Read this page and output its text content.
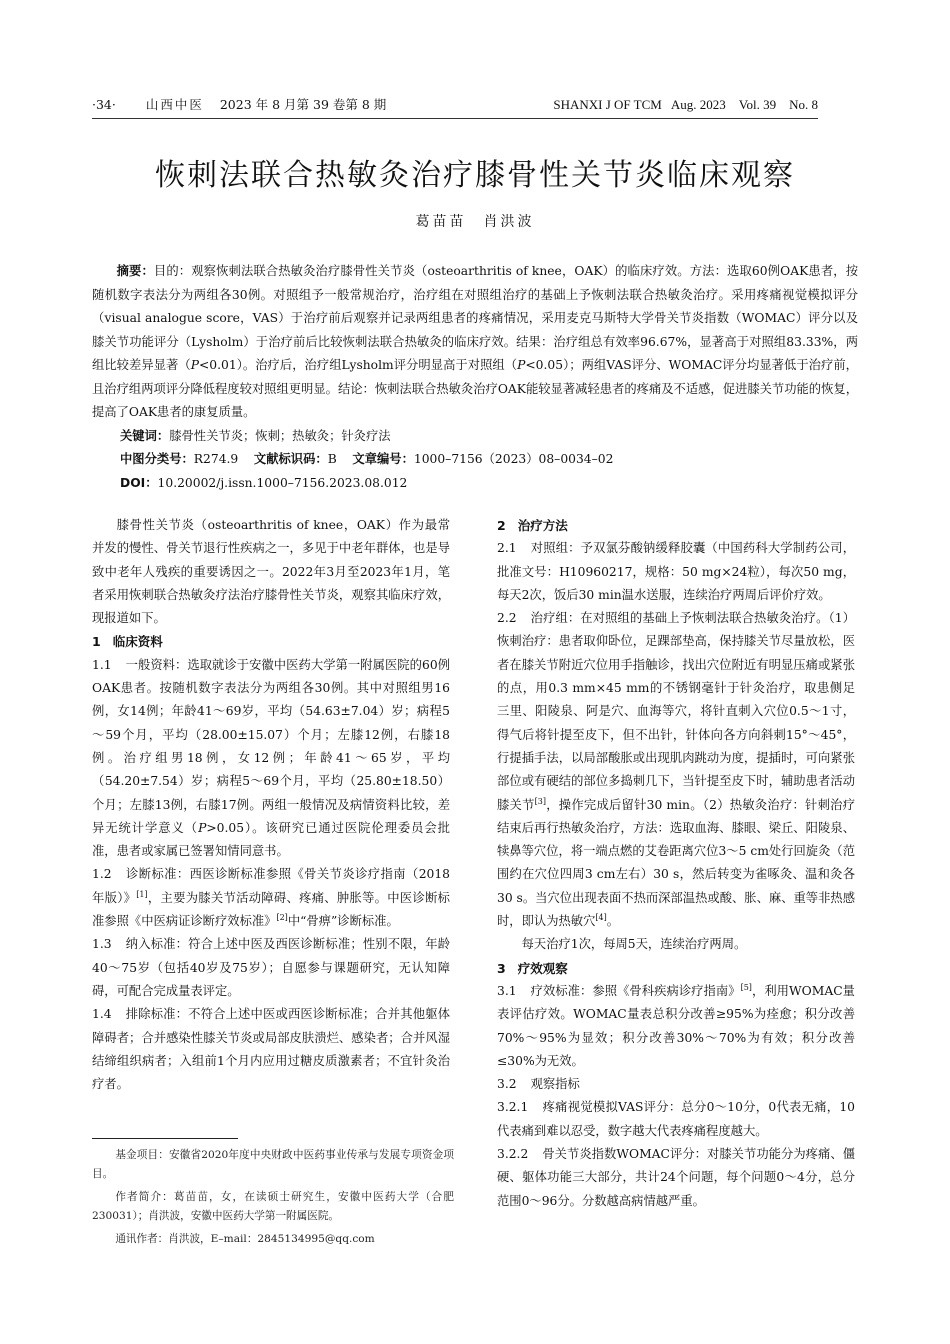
·34· 山西中医 2023 年 8 月第 39 卷第 8 期	SHANXI J OF TCM Aug. 2023　Vol. 39　No. 8
恢刺法联合热敏灸治疗膝骨性关节炎临床观察
葛苗苗　肖洪波

摘要：目的：观察恢刺法联合热敏灸治疗膝骨性关节炎（osteoarthritis of knee，OAK）的临床疗效。方法：选取60例OAK患者，按随机数字表法分为两组各30例。对照组予一般常规治疗，治疗组在对照组治疗的基础上予恢刺法联合热敏灸治疗。采用疼痛视觉模拟评分（visual analogue score，VAS）于治疗前后观察并记录两组患者的疼痛情况，采用麦克马斯特大学骨关节炎指数（WOMAC）评分以及膝关节功能评分（Lysholm）于治疗前后比较恢刺法联合热敏灸的临床疗效。结果：治疗组总有效率96.67%，显著高于对照组83.33%，两组比较差异显著（P<0.01）。治疗后，治疗组Lysholm评分明显高于对照组（P<0.05）；两组VAS评分、WOMAC评分均显著低于治疗前，且治疗组两项评分降低程度较对照组更明显。结论：恢刺法联合热敏灸治疗OAK能较显著减轻患者的疼痛及不适感，促进膝关节功能的恢复，提高了OAK患者的康复质量。

关键词：膝骨性关节炎；恢刺；热敏灸；针灸疗法

中图分类号：R274.9 文献标识码：B 文章编号：1000–7156（2023）08–0034–02

DOI：10.20002/j.issn.1000–7156.2023.08.012

膝骨性关节炎（osteoarthritis of knee，OAK）作为最常并发的慢性、骨关节退行性疾病之一，多见于中老年群体，也是导致中老年人残疾的重要诱因之一。2022年3月至2023年1月，笔者采用恢刺联合热敏灸疗法治疗膝骨性关节炎，观察其临床疗效，现报道如下。

1 临床资料

1.1 一般资料：选取就诊于安徽中医药大学第一附属医院的60例OAK患者。按随机数字表法分为两组各30例。其中对照组男16例，女14例；年龄41～69岁，平均（54.63±7.04）岁；病程5～59个月，平均（28.00±15.07）个月；左膝12例，右膝18例。治疗组男18例，女12例；年龄41～65岁，平均（54.20±7.54）岁；病程5～69个月，平均（25.80±18.50）个月；左膝13例，右膝17例。两组一般情况及病情资料比较，差异无统计学意义（P>0.05）。该研究已通过医院伦理委员会批准，患者或家属已签署知情同意书。

1.2 诊断标准：西医诊断标准参照《骨关节炎诊疗指南（2018年版）》[1]，主要为膝关节活动障碍、疼痛、肿胀等。中医诊断标准参照《中医病证诊断疗效标准》[2]中“骨痹”诊断标准。

1.3 纳入标准：符合上述中医及西医诊断标准；性别不限，年龄40～75岁（包括40岁及75岁）；自愿参与课题研究，无认知障碍，可配合完成量表评定。

1.4 排除标准：不符合上述中医或西医诊断标准；合并其他躯体障碍者；合并感染性膝关节炎或局部皮肤溃烂、感染者；合并风湿结缔组织病者；入组前1个月内应用过糖皮质激素者；不宜针灸治疗者。

基金项目：安徽省2020年度中央财政中医药事业传承与发展专项资金项目。

作者简介：葛苗苗，女，在读硕士研究生，安徽中医药大学（合肥230031）；肖洪波，安徽中医药大学第一附属医院。

通讯作者：肖洪波，E–mail：2845134995@qq.com

2 治疗方法

2.1 对照组：予双氯芬酸钠缓释胶囊（中国药科大学制药公司，批准文号：H10960217，规格：50 mg×24粒），每次50 mg，每天2次，饭后30 min温水送服，连续治疗两周后评价疗效。

2.2 治疗组：在对照组的基础上予恢刺法联合热敏灸治疗。（1）恢刺治疗：患者取仰卧位，足踝部垫高，保持膝关节尽量放松，医者在膝关节附近穴位用手指触诊，找出穴位附近有明显压痛或紧张的点，用0.3 mm×45 mm的不锈钢毫针于针灸治疗，取患侧足三里、阳陵泉、阿是穴、血海等穴，将针直刺入穴位0.5～1寸，得气后将针提至皮下，但不出针，针体向各方向斜刺15°～45°，行提插手法，以局部酸胀或出现肌肉跳动为度，提插时，可向紧张部位或有硬结的部位多捣刺几下，当针提至皮下时，辅助患者活动膝关节[3]，操作完成后留针30 min。（2）热敏灸治疗：针刺治疗结束后再行热敏灸治疗，方法：选取血海、膝眼、梁丘、阳陵泉、犊鼻等穴位，将一端点燃的艾卷距离穴位3～5 cm处行回旋灸（范围约在穴位四周3 cm左右）30 s，然后转变为雀啄灸、温和灸各30 s。当穴位出现表面不热而深部温热或酸、胀、麻、重等非热感时，即认为热敏穴[4]。

每天治疗1次，每周5天，连续治疗两周。

3 疗效观察

3.1 疗效标准：参照《骨科疾病诊疗指南》[5]，利用WOMAC量表评估疗效。WOMAC量表总积分改善≥95%为痊愈；积分改善70%～95%为显效；积分改善30%～70%为有效；积分改善≤30%为无效。

3.2 观察指标

3.2.1 疼痛视觉模拟VAS评分：总分0～10分，0代表无痛，10代表痛到难以忍受，数字越大代表疼痛程度越大。

3.2.2 骨关节炎指数WOMAC评分：对膝关节功能分为疼痛、僵硬、躯体功能三大部分，共计24个问题，每个问题0～4分，总分范围0～96分。分数越高病情越严重。
